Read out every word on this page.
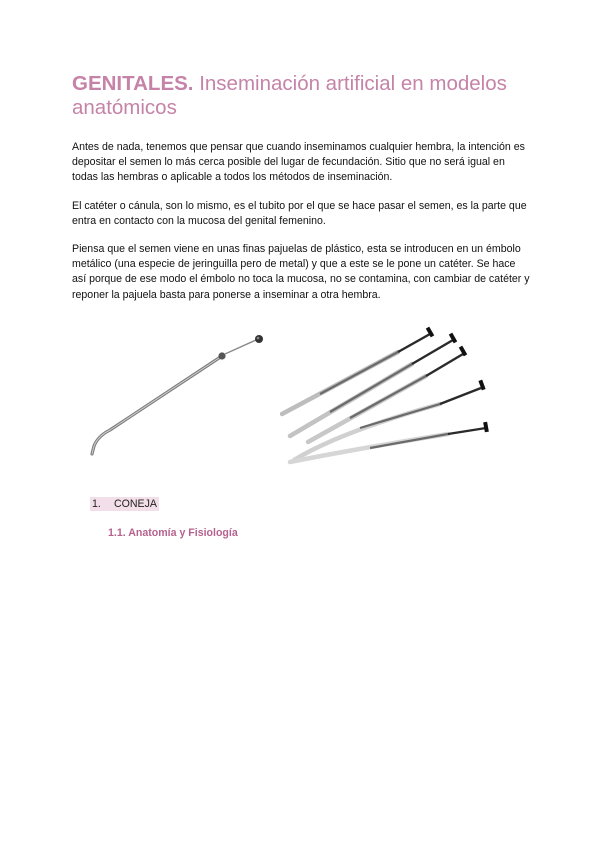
GENITALES. Inseminación artificial en modelos anatómicos

Antes de nada, tenemos que pensar que cuando inseminamos cualquier hembra, la intención es depositar el semen lo más cerca posible del lugar de fecundación. Sitio que no será igual en todas las hembras o aplicable a todos los métodos de inseminación.

El catéter o cánula, son lo mismo, es el tubito por el que se hace pasar el semen, es la parte que entra en contacto con la mucosa del genital femenino.

Piensa que el semen viene en unas finas pajuelas de plástico, esta se introducen en un émbolo metálico (una especie de jeringuilla pero de metal) y que a este se le pone un catéter. Se hace así porque de ese modo el émbolo no toca la mucosa, no se contamina, con cambiar de catéter y reponer la pajuela basta para ponerse a inseminar a otra hembra.

1. CONEJA
1.1. Anatomía y Fisiología
